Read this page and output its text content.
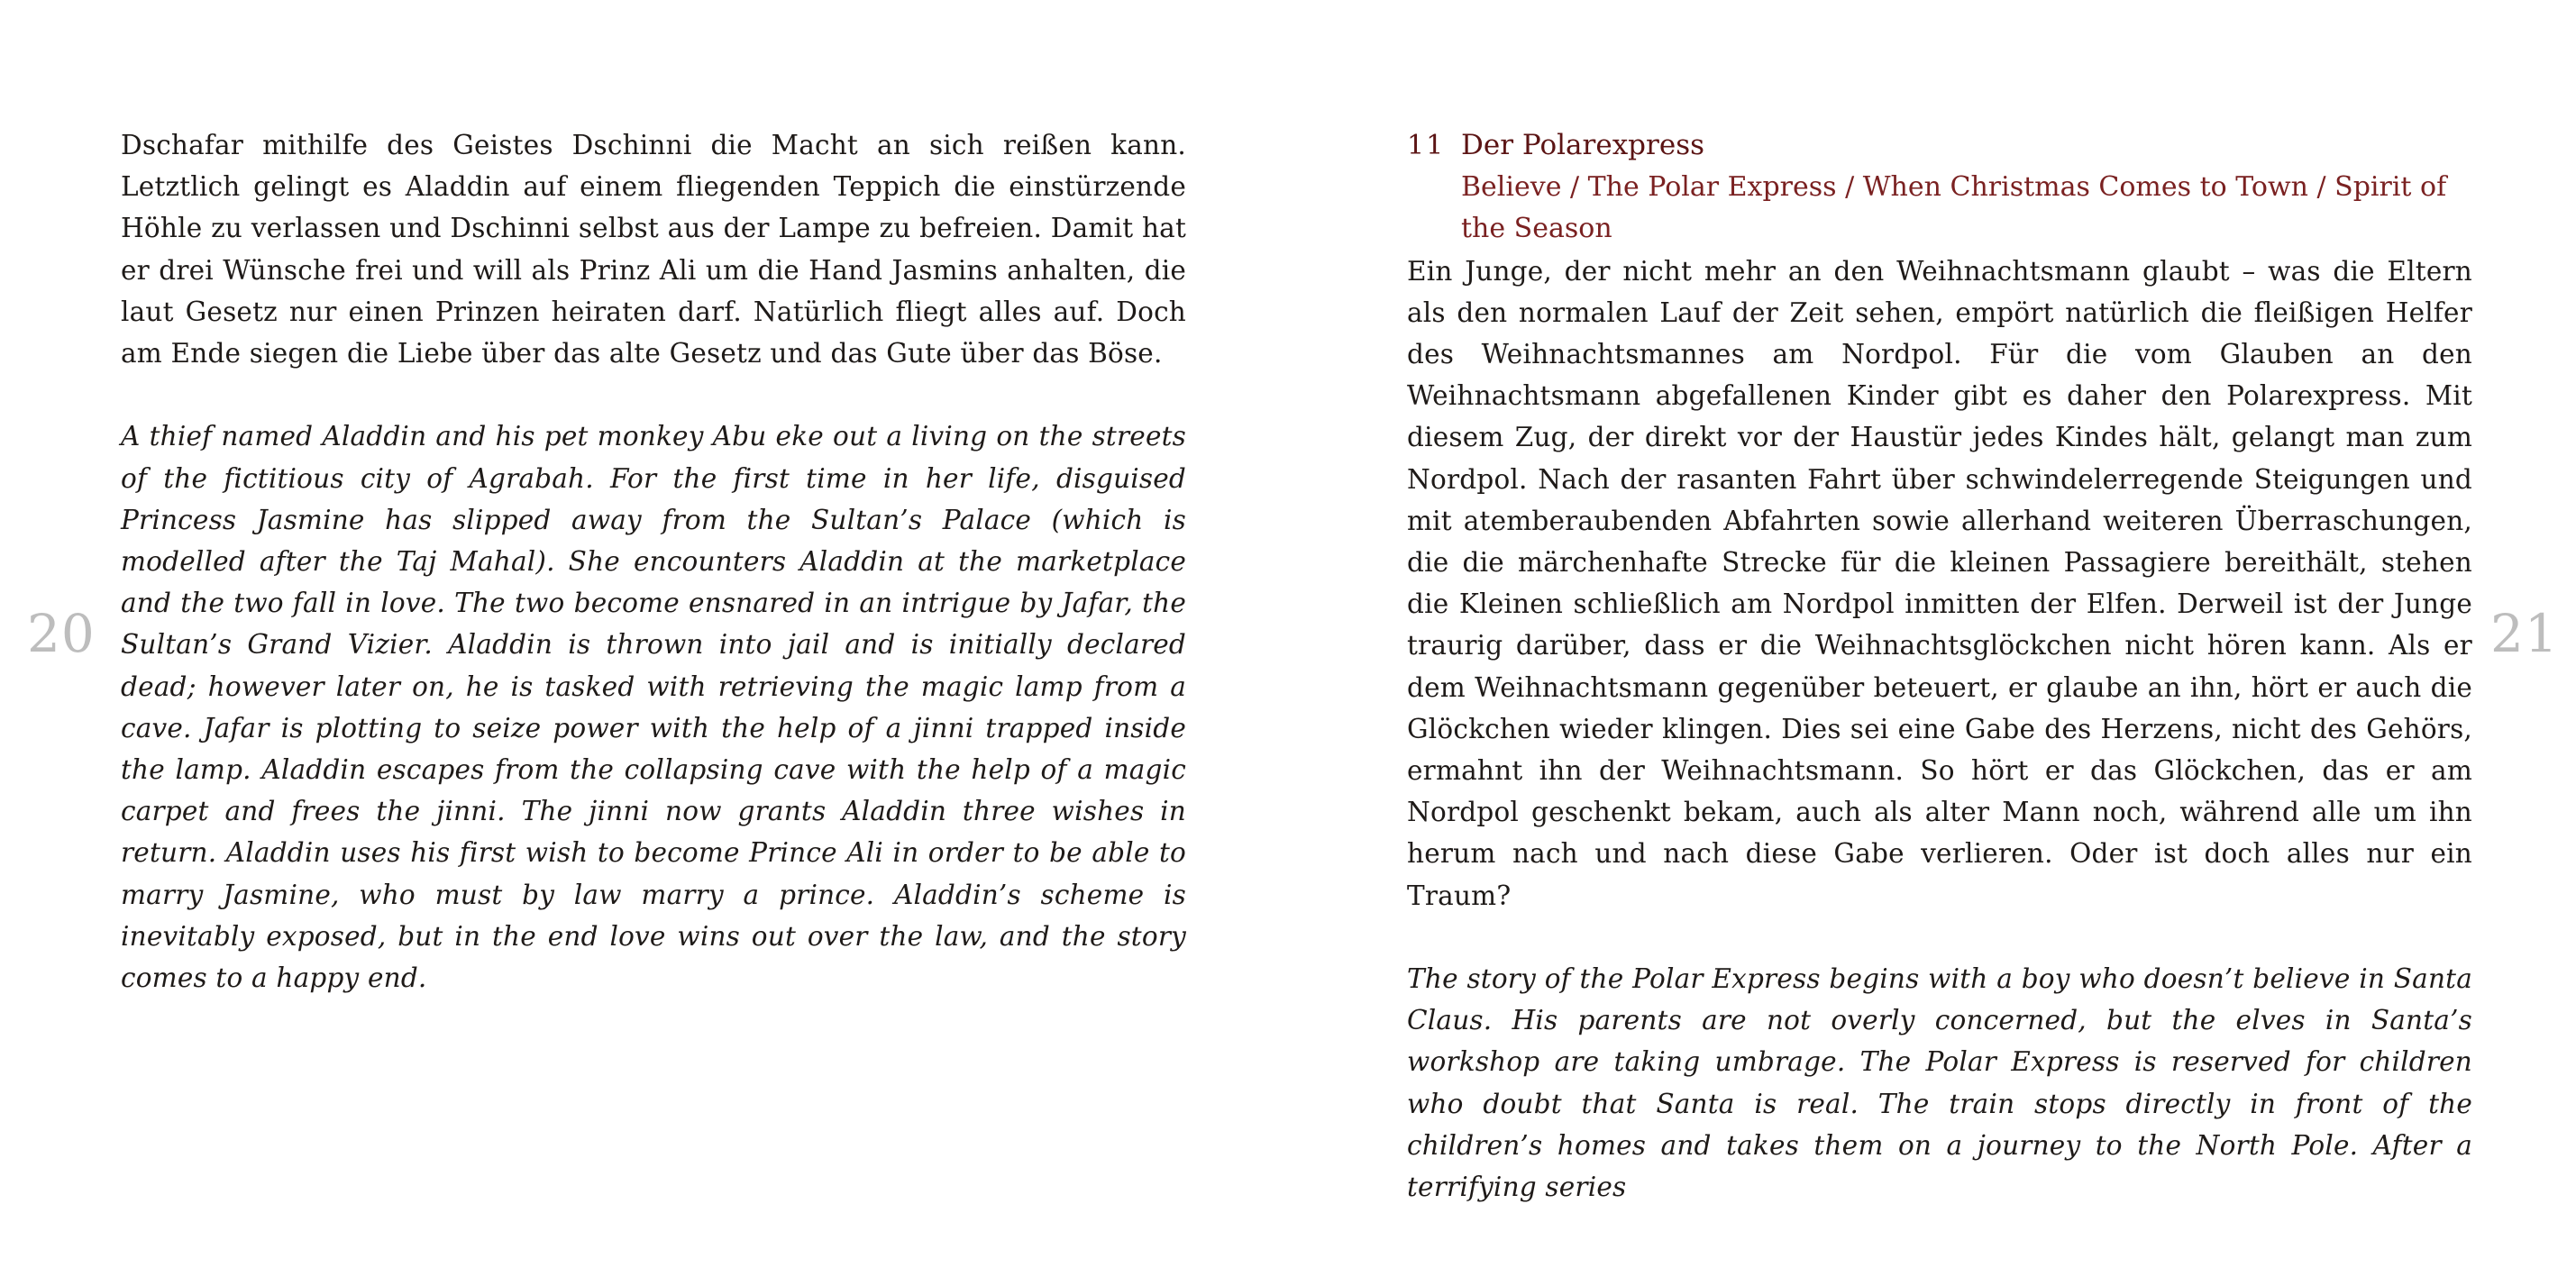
20

Dschafar mithilfe des Geistes Dschinni die Macht an sich reißen kann. Letztlich gelingt es Aladdin auf einem fliegenden Teppich die einstürzende Höhle zu verlassen und Dschinni selbst aus der Lampe zu befreien. Damit hat er drei Wünsche frei und will als Prinz Ali um die Hand Jasmins anhalten, die laut Gesetz nur einen Prinzen heiraten darf. Natürlich fliegt alles auf. Doch am Ende siegen die Liebe über das alte Gesetz und das Gute über das Böse.

A thief named Aladdin and his pet monkey Abu eke out a living on the streets of the fictitious city of Agrabah. For the first time in her life, disguised Princess Jasmine has slipped away from the Sultan’s Palace (which is modelled after the Taj Mahal). She encounters Aladdin at the marketplace and the two fall in love. The two become ensnared in an intrigue by Jafar, the Sultan’s Grand Vizier. Aladdin is thrown into jail and is initially declared dead; however later on, he is tasked with retrieving the magic lamp from a cave. Jafar is plotting to seize power with the help of a jinni trapped inside the lamp. Aladdin escapes from the collapsing cave with the help of a magic carpet and frees the jinni. The jinni now grants Aladdin three wishes in return. Aladdin uses his first wish to become Prince Ali in order to be able to marry Jasmine, who must by law marry a prince. Aladdin’s scheme is inevitably exposed, but in the end love wins out over the law, and the story comes to a happy end.

21
11 Der Polarexpress
Believe / The Polar Express / When Christmas Comes to Town / Spirit of the Season

Ein Junge, der nicht mehr an den Weihnachtsmann glaubt – was die Eltern als den normalen Lauf der Zeit sehen, empört natürlich die fleißigen Helfer des Weihnachtsmannes am Nordpol. Für die vom Glauben an den Weihnachtsmann abgefallenen Kinder gibt es daher den Polarexpress. Mit diesem Zug, der direkt vor der Haustür jedes Kindes hält, gelangt man zum Nordpol. Nach der rasanten Fahrt über schwindelerregende Steigungen und mit atemberaubenden Abfahrten sowie allerhand weiteren Überraschungen, die die märchenhafte Strecke für die kleinen Passagiere bereithält, stehen die Kleinen schließlich am Nordpol inmitten der Elfen. Derweil ist der Junge traurig darüber, dass er die Weihnachtsglöckchen nicht hören kann. Als er dem Weihnachtsmann gegenüber beteuert, er glaube an ihn, hört er auch die Glöckchen wieder klingen. Dies sei eine Gabe des Herzens, nicht des Gehörs, ermahnt ihn der Weihnachtsmann. So hört er das Glöckchen, das er am Nordpol geschenkt bekam, auch als alter Mann noch, während alle um ihn herum nach und nach diese Gabe verlieren. Oder ist doch alles nur ein Traum?

The story of the Polar Express begins with a boy who doesn’t believe in Santa Claus. His parents are not overly concerned, but the elves in Santa’s workshop are taking umbrage. The Polar Express is reserved for children who doubt that Santa is real. The train stops directly in front of the children’s homes and takes them on a journey to the North Pole. After a terrifying series
